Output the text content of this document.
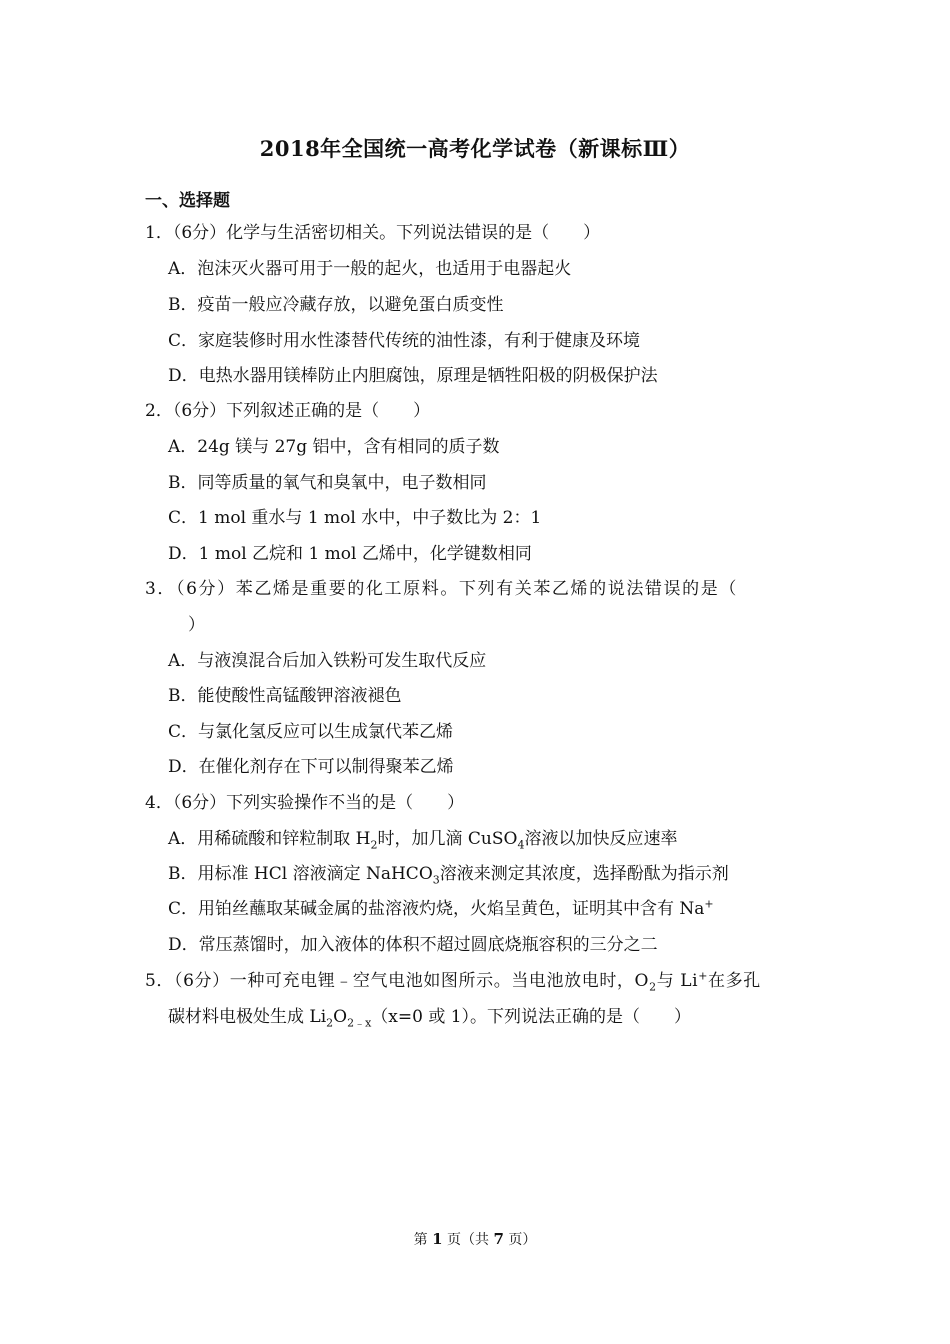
2018年全国统一高考化学试卷（新课标Ⅲ）
一、选择题
1．（6分）化学与生活密切相关。下列说法错误的是（　　）
A．泡沫灭火器可用于一般的起火，也适用于电器起火
B．疫苗一般应冷藏存放，以避免蛋白质变性
C．家庭装修时用水性漆替代传统的油性漆，有利于健康及环境
D．电热水器用镁棒防止内胆腐蚀，原理是牺牲阳极的阴极保护法
2．（6分）下列叙述正确的是（　　）
A．24g 镁与 27g 铝中，含有相同的质子数
B．同等质量的氧气和臭氧中，电子数相同
C．1 mol 重水与 1 mol 水中，中子数比为 2：1
D．1 mol 乙烷和 1 mol 乙烯中，化学键数相同
3．（6分）苯乙烯是重要的化工原料。下列有关苯乙烯的说法错误的是（
）
A．与液溴混合后加入铁粉可发生取代反应
B．能使酸性高锰酸钾溶液褪色
C．与氯化氢反应可以生成氯代苯乙烯
D．在催化剂存在下可以制得聚苯乙烯
4．（6分）下列实验操作不当的是（　　）
A．用稀硫酸和锌粒制取 $H_2$时，加几滴 CuSO$_4$溶液以加快反应速率
B．用标准 HCl 溶液滴定 NaHCO$_3$溶液来测定其浓度，选择酚酞为指示剂
C．用铂丝蘸取某碱金属的盐溶液灼烧，火焰呈黄色，证明其中含有 Na+
D．常压蒸馏时，加入液体的体积不超过圆底烧瓶容积的三分之二
5．（6分）一种可充电锂﹣空气电池如图所示。当电池放电时，$O_2$与 Li+在多孔
碳材料电极处生成 $Li_2O_{2﹣x}(x=0$ 或 1）。下列说法正确的是（　　）
第 1 页（共 7 页）
